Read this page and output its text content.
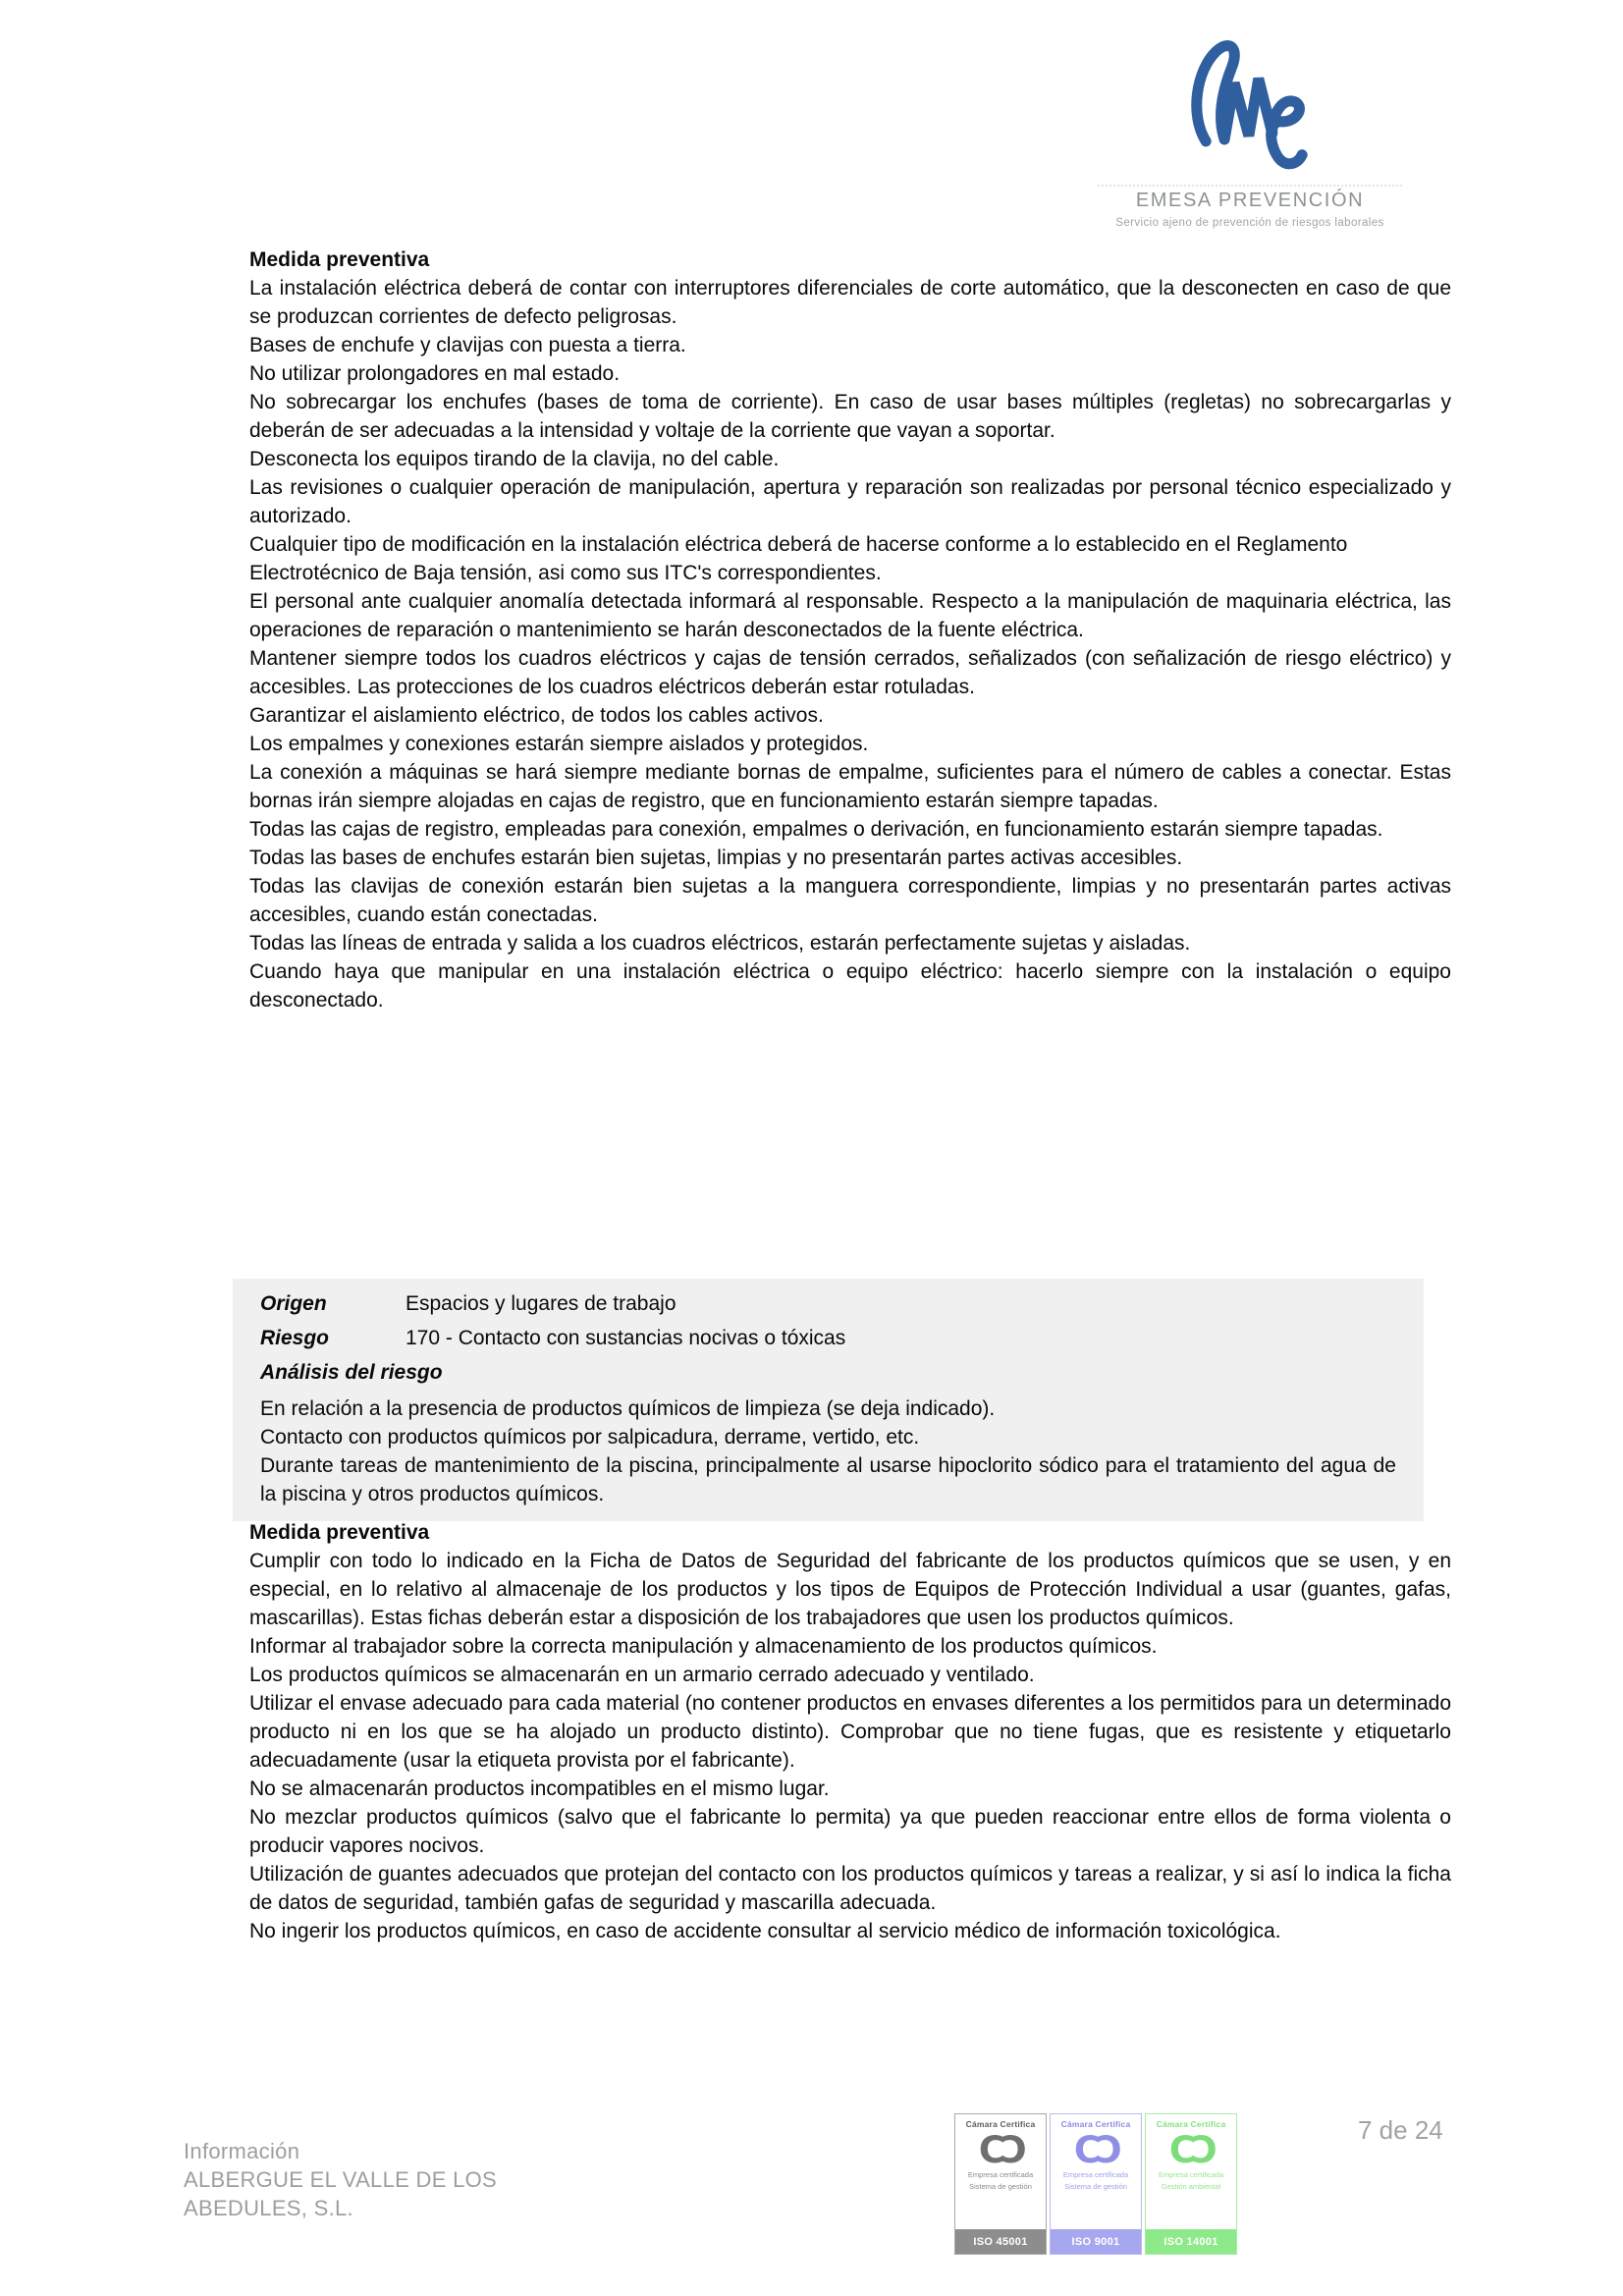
EMESA PREVENCIÓN
Servicio ajeno de prevención de riesgos laborales
Medida preventiva

La instalación eléctrica deberá de contar con interruptores diferenciales de corte automático, que la desconecten en caso de que se produzcan corrientes de defecto peligrosas.

Bases de enchufe y clavijas con puesta a tierra.

No utilizar prolongadores en mal estado.

No sobrecargar los enchufes (bases de toma de corriente). En caso de usar bases múltiples (regletas) no sobrecargarlas y deberán de ser adecuadas a la intensidad y voltaje de la corriente que vayan a soportar.

Desconecta los equipos tirando de la clavija, no del cable.

Las revisiones o cualquier operación de manipulación, apertura y reparación son realizadas por personal técnico especializado y autorizado.

Cualquier tipo de modificación en la instalación eléctrica deberá de hacerse conforme a lo establecido en el Reglamento

Electrotécnico de Baja tensión, asi como sus ITC's correspondientes.

El personal ante cualquier anomalía detectada informará al responsable. Respecto a la manipulación de maquinaria eléctrica, las operaciones de reparación o mantenimiento se harán desconectados de la fuente eléctrica.

Mantener siempre todos los cuadros eléctricos y cajas de tensión cerrados, señalizados (con señalización de riesgo eléctrico) y accesibles. Las protecciones de los cuadros eléctricos deberán estar rotuladas.

Garantizar el aislamiento eléctrico, de todos los cables activos.

Los empalmes y conexiones estarán siempre aislados y protegidos.

La conexión a máquinas se hará siempre mediante bornas de empalme, suficientes para el número de cables a conectar. Estas bornas irán siempre alojadas en cajas de registro, que en funcionamiento estarán siempre tapadas.

Todas las cajas de registro, empleadas para conexión, empalmes o derivación, en funcionamiento estarán siempre tapadas.

Todas las bases de enchufes estarán bien sujetas, limpias y no presentarán partes activas accesibles.

Todas las clavijas de conexión estarán bien sujetas a la manguera correspondiente, limpias y no presentarán partes activas accesibles, cuando están conectadas.

Todas las líneas de entrada y salida a los cuadros eléctricos, estarán perfectamente sujetas y aisladas.

Cuando haya que manipular en una instalación eléctrica o equipo eléctrico: hacerlo siempre con la instalación o equipo desconectado.

Origen	Espacios y lugares de trabajo
Riesgo	170 - Contacto con sustancias nocivas o tóxicas
Análisis del riesgo

En relación a la presencia de productos químicos de limpieza (se deja indicado).

Contacto con productos químicos por salpicadura, derrame, vertido, etc.

Durante tareas de mantenimiento de la piscina, principalmente al usarse hipoclorito sódico para el tratamiento del agua de la piscina y otros productos químicos.

Medida preventiva

Cumplir con todo lo indicado en la Ficha de Datos de Seguridad del fabricante de los productos químicos que se usen, y en especial, en lo relativo al almacenaje de los productos y los tipos de Equipos de Protección Individual a usar (guantes, gafas, mascarillas). Estas fichas deberán estar a disposición de los trabajadores que usen los productos químicos.

Informar al trabajador sobre la correcta manipulación y almacenamiento de los productos químicos.

Los productos químicos se almacenarán en un armario cerrado adecuado y ventilado.

Utilizar el envase adecuado para cada material (no contener productos en envases diferentes a los permitidos para un determinado producto ni en los que se ha alojado un producto distinto). Comprobar que no tiene fugas, que es resistente y etiquetarlo adecuadamente (usar la etiqueta provista por el fabricante).

No se almacenarán productos incompatibles en el mismo lugar.

No mezclar productos químicos (salvo que el fabricante lo permita) ya que pueden reaccionar entre ellos de forma violenta o producir vapores nocivos.

Utilización de guantes adecuados que protejan del contacto con los productos químicos y tareas a realizar, y si así lo indica la ficha de datos de seguridad, también gafas de seguridad y mascarilla adecuada.

No ingerir los productos químicos, en caso de accidente consultar al servicio médico de información toxicológica.

Información
ALBERGUE EL VALLE DE LOS
ABEDULES, S.L.
Cámara Certifica
CƆ
Empresa certificada
Sistema de gestión
ISO 45001
Cámara Certifica
CƆ
Empresa certificada
Sistema de gestión
ISO 9001
Cámara Certifica
CƆ
Empresa certificada
Gestión ambiental
ISO 14001
7 de 24
